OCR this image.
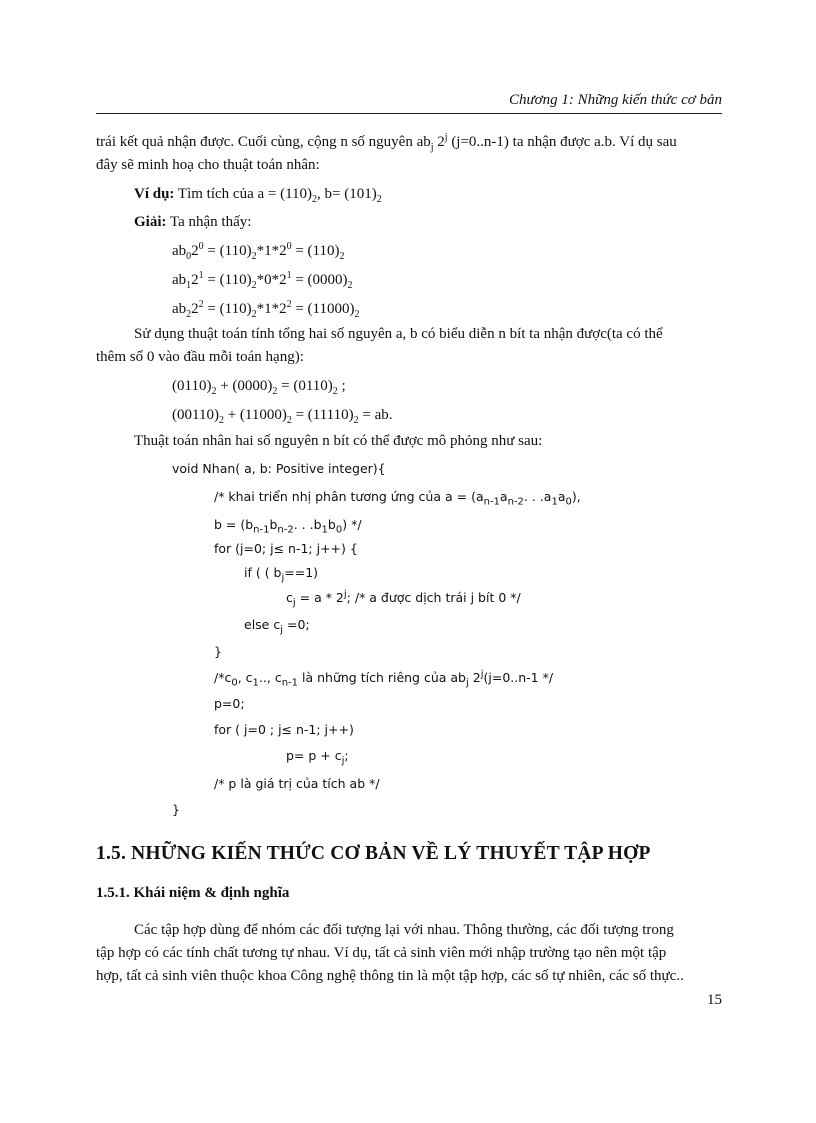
Chương 1: Những kiến thức cơ bản
trái kết quả nhận được. Cuối cùng, cộng n số nguyên $ab_j$ 2$^j$ (j=0..n-1) ta nhận được a.b. Ví dụ sau
đây sẽ minh hoạ cho thuật toán nhân:
Ví dụ: Tìm tích của $a = (110)_2$, $b= (101)_2$
Giải: Ta nhận thấy:
$ab_02^0 = (110)_2*1*2^0 = (110)_2$
$ab_12^1 = (110)_2*0*2^1 = (0000)_2$
$ab_22^2 = (110)_2*1*2^2 = (11000)_2$
Sử dụng thuật toán tính tổng hai số nguyên a, b có biểu diễn n bít ta nhận được(ta có thể
thêm số 0 vào đầu mỗi toán hạng):
$(0110)_2 + (0000)_2 = (0110)_2$ ;
$(00110)_2 + (11000)_2 = (11110)_2$ = ab.
Thuật toán nhân hai số nguyên n bít có thể được mô phỏng như sau:
void Nhan( a, b: Positive integer){
/* khai triển nhị phân tương ứng của $a = (a_{n-1}a_{n-2}$. . $.a_1a_0$),
$b = (b_{n-1}b_{n-2}$. . $.b_1b_0$) */
for (j=0; j≤ n-1; j++) {
if ( ( $b_j==1$)
$c_j = a * 2^j$; /* a được dịch trái j bít 0 */
else $c_j =0$;
}
$/*c_0$, $c_1$.., $c_{n-1}$ là những tích riêng của $ab_j$ $2^j(j=0..n-1$ */
p=0;
for ( j=0 ; j≤ n-1; j++)
$p= p + c_j$;
/* p là giá trị của tích ab */
}
1.5. NHỮNG KIẾN THỨC CƠ BẢN VỀ LÝ THUYẾT TẬP HỢP
1.5.1. Khái niệm & định nghĩa
Các tập hợp dùng để nhóm các đối tượng lại với nhau. Thông thường, các đối tượng trong
tập hợp có các tính chất tương tự nhau. Ví dụ, tất cả sinh viên mới nhập trường tạo nên một tập
hợp, tất cả sinh viên thuộc khoa Công nghệ thông tin là một tập hợp, các số tự nhiên, các số thực..
15
